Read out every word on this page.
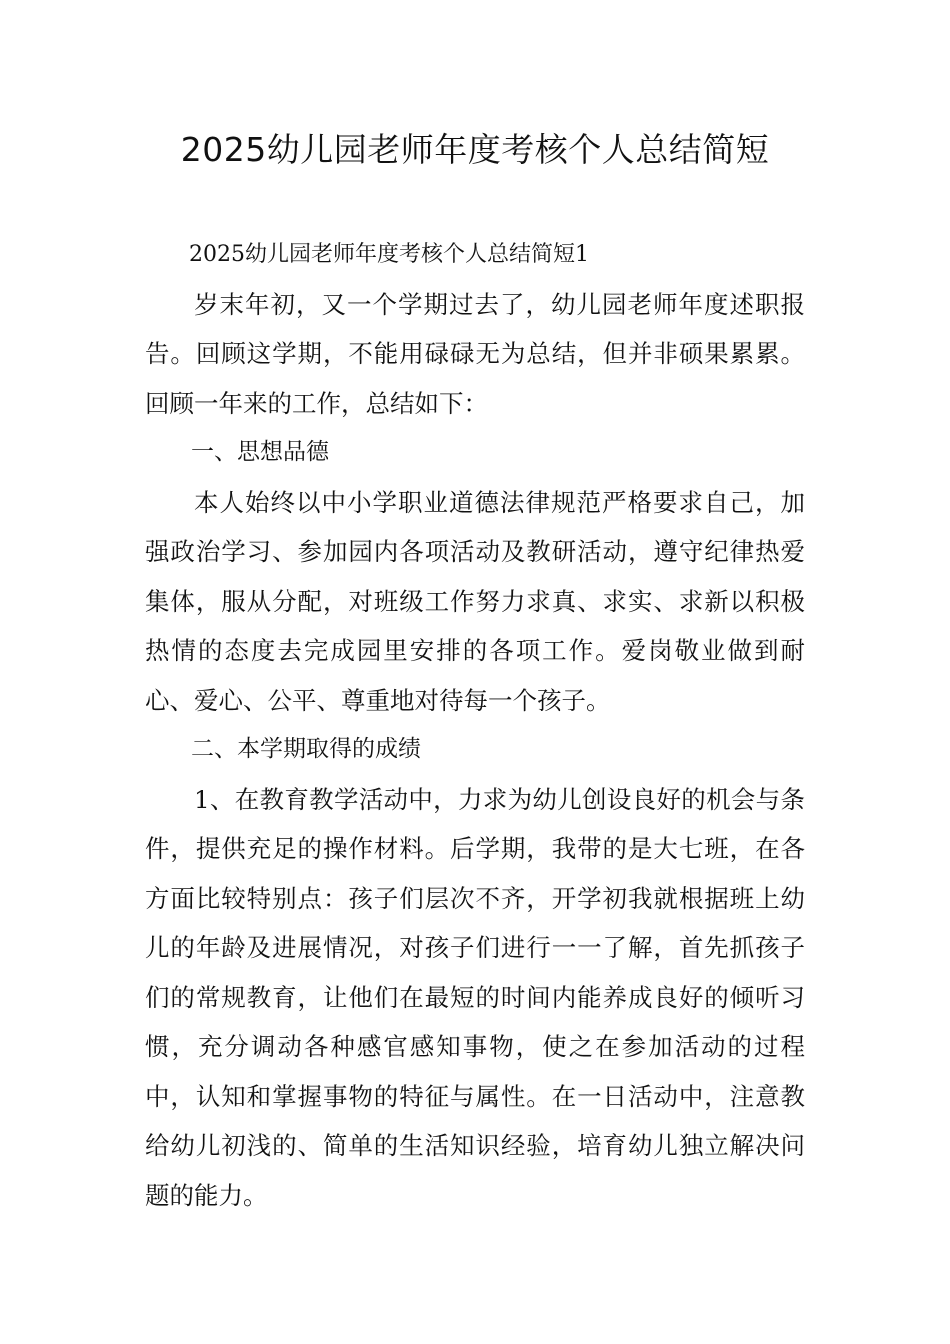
2025幼儿园老师年度考核个人总结简短

2025幼儿园老师年度考核个人总结简短1

岁末年初，又一个学期过去了，幼儿园老师年度述职报告。回顾这学期，不能用碌碌无为总结，但并非硕果累累。回顾一年来的工作，总结如下：

一、思想品德

本人始终以中小学职业道德法律规范严格要求自己，加强政治学习、参加园内各项活动及教研活动，遵守纪律热爱集体，服从分配，对班级工作努力求真、求实、求新以积极热情的态度去完成园里安排的各项工作。爱岗敬业做到耐心、爱心、公平、尊重地对待每一个孩子。

二、本学期取得的成绩

1、在教育教学活动中，力求为幼儿创设良好的机会与条件，提供充足的操作材料。后学期，我带的是大七班，在各方面比较特别点：孩子们层次不齐，开学初我就根据班上幼儿的年龄及进展情况，对孩子们进行一一了解，首先抓孩子们的常规教育，让他们在最短的时间内能养成良好的倾听习惯，充分调动各种感官感知事物，使之在参加活动的过程中，认知和掌握事物的特征与属性。在一日活动中，注意教给幼儿初浅的、简单的生活知识经验，培育幼儿独立解决问题的能力。
